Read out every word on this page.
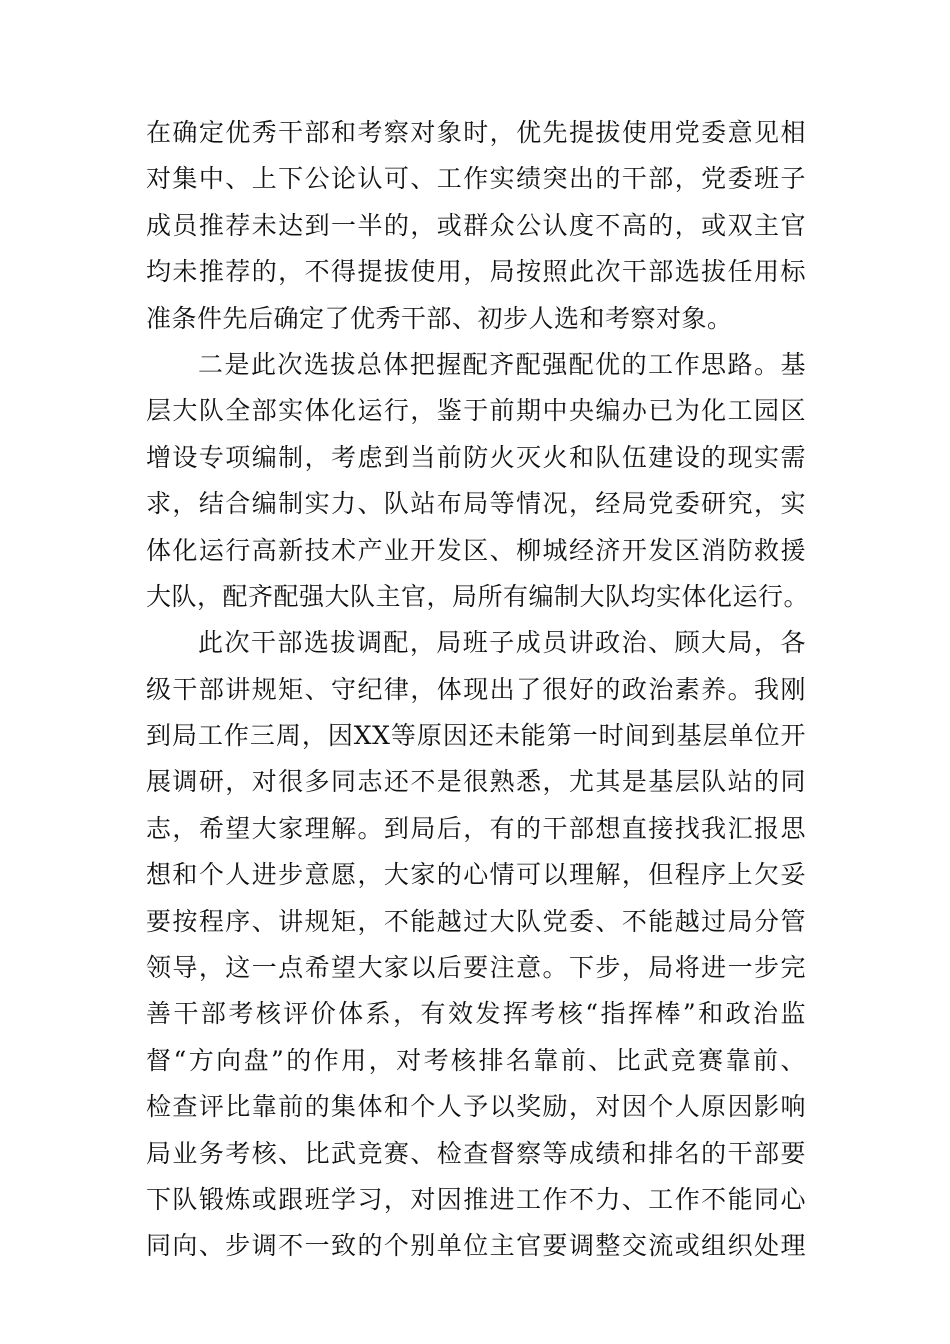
在确定优秀干部和考察对象时，优先提拔使用党委意见相
对集中、上下公论认可、工作实绩突出的干部，党委班子
成员推荐未达到一半的，或群众公认度不高的，或双主官
均未推荐的，不得提拔使用，局按照此次干部选拔任用标
准条件先后确定了优秀干部、初步人选和考察对象。
二是此次选拔总体把握配齐配强配优的工作思路。基
层大队全部实体化运行，鉴于前期中央编办已为化工园区
增设专项编制，考虑到当前防火灭火和队伍建设的现实需
求，结合编制实力、队站布局等情况，经局党委研究，实
体化运行高新技术产业开发区、柳城经济开发区消防救援
大队，配齐配强大队主官，局所有编制大队均实体化运行。
此次干部选拔调配，局班子成员讲政治、顾大局，各
级干部讲规矩、守纪律，体现出了很好的政治素养。我刚
到局工作三周，因XX等原因还未能第一时间到基层单位开
展调研，对很多同志还不是很熟悉，尤其是基层队站的同
志，希望大家理解。到局后，有的干部想直接找我汇报思
想和个人进步意愿，大家的心情可以理解，但程序上欠妥
要按程序、讲规矩，不能越过大队党委、不能越过局分管
领导，这一点希望大家以后要注意。下步，局将进一步完
善干部考核评价体系，有效发挥考核“指挥棒”和政治监
督“方向盘”的作用，对考核排名靠前、比武竞赛靠前、
检查评比靠前的集体和个人予以奖励，对因个人原因影响
局业务考核、比武竞赛、检查督察等成绩和排名的干部要
下队锻炼或跟班学习，对因推进工作不力、工作不能同心
同向、步调不一致的个别单位主官要调整交流或组织处理
